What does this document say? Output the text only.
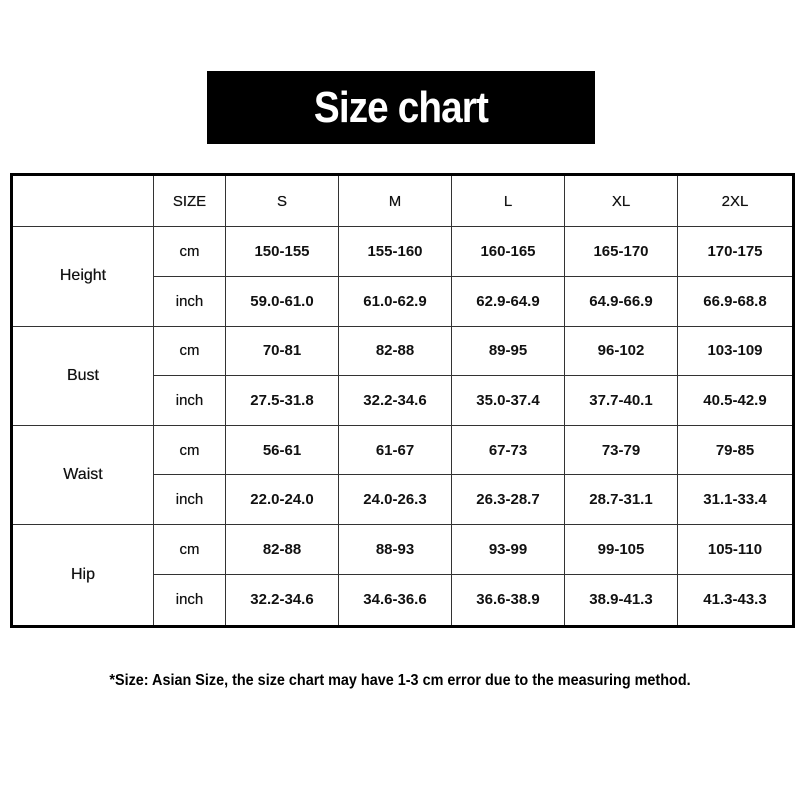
Size chart
	SIZE	S	M	L	XL	2XL
Height	cm	150-155	155-160	160-165	165-170	170-175
	inch	59.0-61.0	61.0-62.9	62.9-64.9	64.9-66.9	66.9-68.8
Bust	cm	70-81	82-88	89-95	96-102	103-109
	inch	27.5-31.8	32.2-34.6	35.0-37.4	37.7-40.1	40.5-42.9
Waist	cm	56-61	61-67	67-73	73-79	79-85
	inch	22.0-24.0	24.0-26.3	26.3-28.7	28.7-31.1	31.1-33.4
Hip	cm	82-88	88-93	93-99	99-105	105-110
	inch	32.2-34.6	34.6-36.6	36.6-38.9	38.9-41.3	41.3-43.3
*Size: Asian Size, the size chart may have 1-3 cm error due to the measuring method.
